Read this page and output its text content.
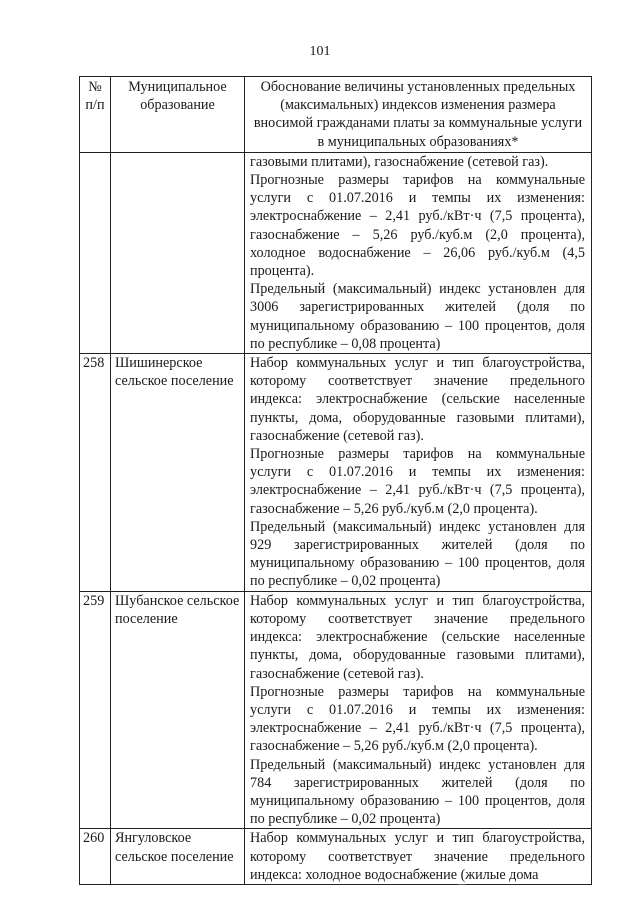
101
№ п/п	Муниципальное образование	Обоснование величины установленных предельных (максимальных) индексов изменения размера вносимой гражданами платы за коммунальные услуги в муниципальных образованиях*

		газовыми плитами), газоснабжение (сетевой газ).

Прогнозные размеры тарифов на коммунальные услуги с 01.07.2016 и темпы их изменения: электроснабжение – 2,41 руб./кВт·ч (7,5 процента), газоснабжение – 5,26 руб./куб.м (2,0 процента), холодное водоснабжение – 26,06 руб./куб.м (4,5 процента).

Предельный (максимальный) индекс установлен для 3006 зарегистрированных жителей (доля по муниципальному образованию – 100 процентов, доля по республике – 0,08 процента)

258	Шишинерское сельское поселение	Набор коммунальных услуг и тип благоустройства, которому соответствует значение предельного индекса: электроснабжение (сельские населенные пункты, дома, оборудованные газовыми плитами), газоснабжение (сетевой газ).

Прогнозные размеры тарифов на коммунальные услуги с 01.07.2016 и темпы их изменения: электроснабжение – 2,41 руб./кВт·ч (7,5 процента), газоснабжение – 5,26 руб./куб.м (2,0 процента).

Предельный (максимальный) индекс установлен для 929 зарегистрированных жителей (доля по муниципальному образованию – 100 процентов, доля по республике – 0,02 процента)

259	Шубанское сельское поселение	Набор коммунальных услуг и тип благоустройства, которому соответствует значение предельного индекса: электроснабжение (сельские населенные пункты, дома, оборудованные газовыми плитами), газоснабжение (сетевой газ).

Прогнозные размеры тарифов на коммунальные услуги с 01.07.2016 и темпы их изменения: электроснабжение – 2,41 руб./кВт·ч (7,5 процента), газоснабжение – 5,26 руб./куб.м (2,0 процента).

Предельный (максимальный) индекс установлен для 784 зарегистрированных жителей (доля по муниципальному образованию – 100 процентов, доля по республике – 0,02 процента)

260	Янгуловское сельское поселение	Набор коммунальных услуг и тип благоустройства, которому соответствует значение предельного индекса: холодное водоснабжение (жилые дома
